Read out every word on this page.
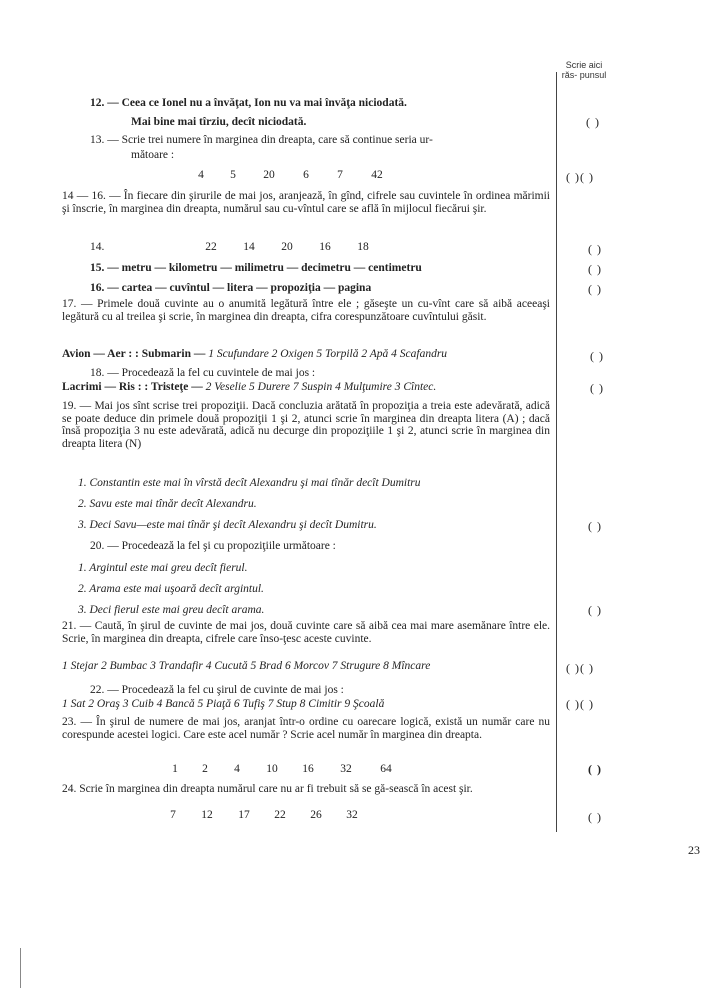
Scrie aici răs- punsul
12. — Ceea ce Ionel nu a învăţat, Ion nu va mai învăţa niciodată.
Mai bine mai tîrziu, decît niciodată.	( )
13. — Scrie trei numere în marginea din dreapta, care să continue seria ur-
mătoare :
4 5 20 6 7 42	( )( )
14 — 16. — În fiecare din şirurile de mai jos, aranjează, în gînd, cifrele sau cuvintele în ordinea mărimii şi înscrie, în marginea din dreapta, numărul sau cu-vîntul care se află în mijlocul fiecărui şir.
14.	22 14 20 16 18	( )
15. — metru — kilometru — milimetru — decimetru — centimetru	( )
16. — cartea — cuvîntul — litera — propoziţia — pagina	( )
17. — Primele două cuvinte au o anumită legătură între ele ; găseşte un cu-vînt care să aibă aceeaşi legătură cu al treilea şi scrie, în marginea din dreapta, cifra corespunzătoare cuvîntului găsit.
Avion — Aer : : Submarin — 1 Scufundare 2 Oxigen 5 Torpilă 2 Apă 4 Scafandru	( )
18. — Procedează la fel cu cuvintele de mai jos :
Lacrimi — Ris : : Tristeţe — 2 Veselie 5 Durere 7 Suspin 4 Mulţumire 3 Cîntec.	( )
19. — Mai jos sînt scrise trei propoziţii. Dacă concluzia arătată în propoziţia a treia este adevărată, adică se poate deduce din primele două propoziţii 1 şi 2, atunci scrie în marginea din dreapta litera (A) ; dacă însă propoziţia 3 nu este adevărată, adică nu decurge din propoziţiile 1 şi 2, atunci scrie în marginea din dreapta litera (N)
1. Constantin este mai în vîrstă decît Alexandru şi mai tînăr decît Dumitru
2. Savu este mai tînăr decît Alexandru.
3. Deci Savu—este mai tînăr şi decît Alexandru şi decît Dumitru.	( )
20. — Procedează la fel şi cu propoziţiile următoare :
1. Argintul este mai greu decît fierul.
2. Arama este mai uşoară decît argintul.
3. Deci fierul este mai greu decît arama.	( )
21. — Caută, în şirul de cuvinte de mai jos, două cuvinte care să aibă cea mai mare asemănare între ele. Scrie, în marginea din dreapta, cifrele care înso-ţesc aceste cuvinte.
1 Stejar 2 Bumbac 3 Trandafir 4 Cucută 5 Brad 6 Morcov 7 Strugure 8 Mîncare	( )( )
22. — Procedează la fel cu şirul de cuvinte de mai jos :
1 Sat 2 Oraş 3 Cuib 4 Bancă 5 Piaţă 6 Tufiş 7 Stup 8 Cimitir 9 Şcoală	( )( )
23. — În şirul de numere de mai jos, aranjat într-o ordine cu oarecare logică, există un număr care nu corespunde acestei logici. Care este acel număr ? Scrie acel număr în marginea din dreapta.
1 2 4 10 16 32 64	( )
24. Scrie în marginea din dreapta numărul care nu ar fi trebuit să se gă-sească în acest şir.
7 12 17 22 26 32	( )
23
